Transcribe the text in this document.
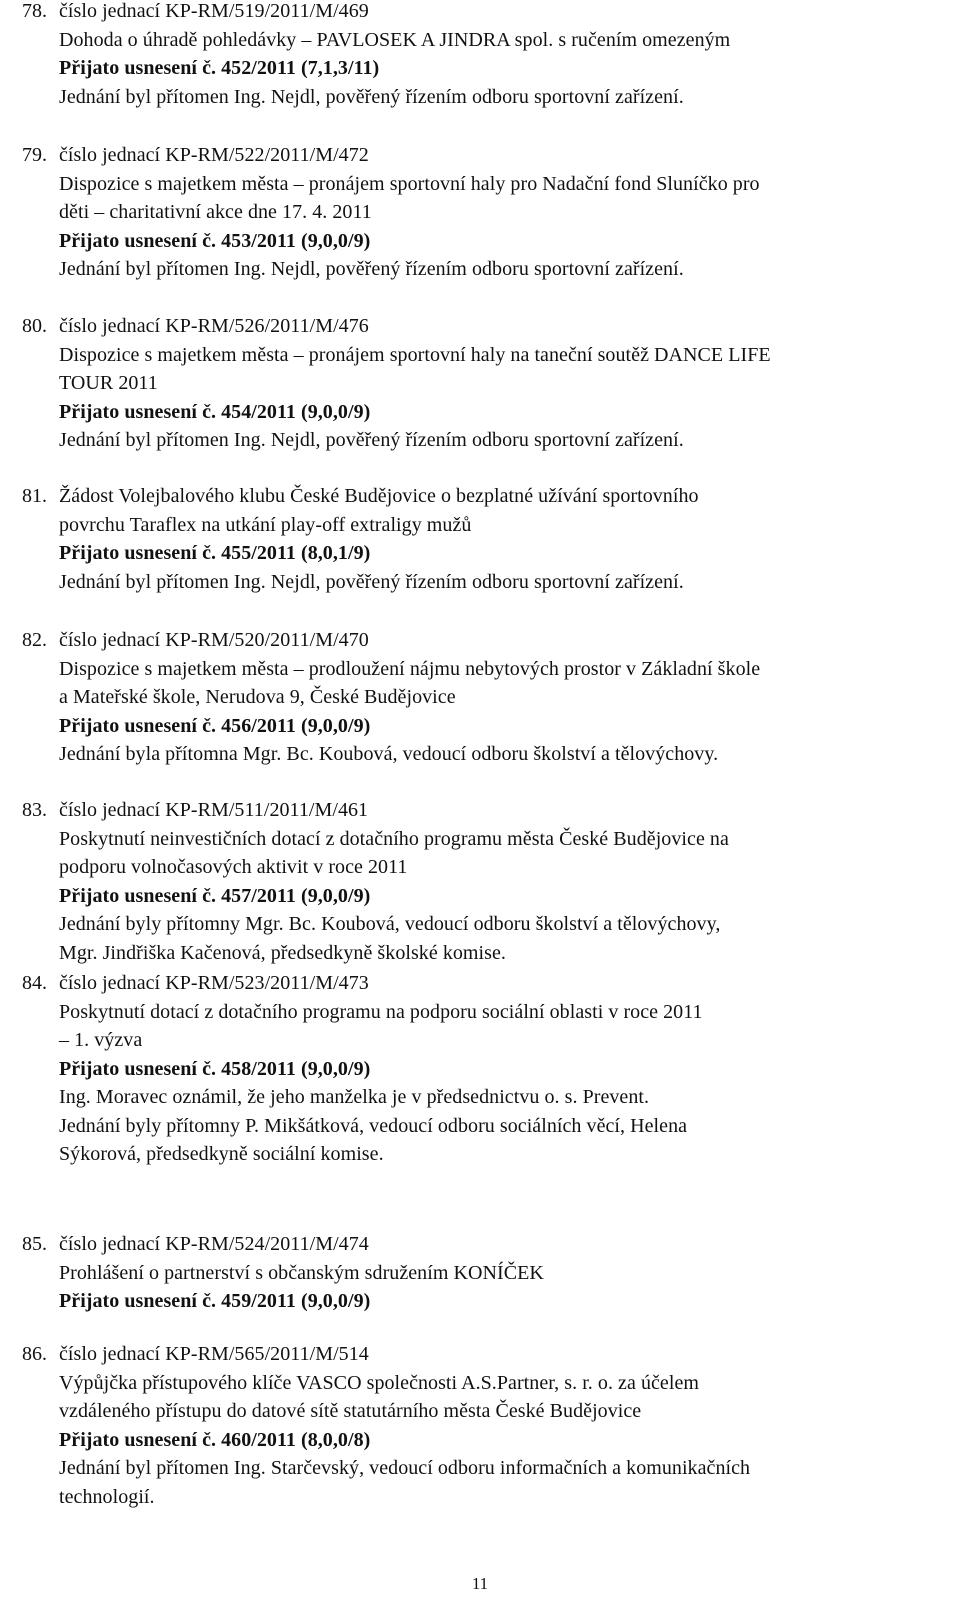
78. číslo jednací KP-RM/519/2011/M/469
Dohoda o úhradě pohledávky – PAVLOSEK A JINDRA spol. s ručením omezeným
Přijato usnesení č. 452/2011 (7,1,3/11)
Jednání byl přítomen Ing. Nejdl, pověřený řízením odboru sportovní zařízení.
79. číslo jednací KP-RM/522/2011/M/472
Dispozice s majetkem města – pronájem sportovní haly pro Nadační fond Sluníčko pro
děti – charitativní akce dne 17. 4. 2011
Přijato usnesení č. 453/2011 (9,0,0/9)
Jednání byl přítomen Ing. Nejdl, pověřený řízením odboru sportovní zařízení.
80. číslo jednací KP-RM/526/2011/M/476
Dispozice s majetkem města – pronájem sportovní haly na taneční soutěž DANCE LIFE
TOUR 2011
Přijato usnesení č. 454/2011 (9,0,0/9)
Jednání byl přítomen Ing. Nejdl, pověřený řízením odboru sportovní zařízení.
81. Žádost Volejbalového klubu České Budějovice o bezplatné užívání sportovního
povrchu Taraflex na utkání play-off extraligy mužů
Přijato usnesení č. 455/2011 (8,0,1/9)
Jednání byl přítomen Ing. Nejdl, pověřený řízením odboru sportovní zařízení.
82. číslo jednací KP-RM/520/2011/M/470
Dispozice s majetkem města – prodloužení nájmu nebytových prostor v Základní škole
a Mateřské škole, Nerudova 9, České Budějovice
Přijato usnesení č. 456/2011 (9,0,0/9)
Jednání byla přítomna Mgr. Bc. Koubová, vedoucí odboru školství a tělovýchovy.
83. číslo jednací KP-RM/511/2011/M/461
Poskytnutí neinvestičních dotací z dotačního programu města České Budějovice na
podporu volnočasových aktivit v roce 2011
Přijato usnesení č. 457/2011 (9,0,0/9)
Jednání byly přítomny Mgr. Bc. Koubová, vedoucí odboru školství a tělovýchovy,
Mgr. Jindřiška Kačenová, předsedkyně školské komise.
84. číslo jednací KP-RM/523/2011/M/473
Poskytnutí dotací z dotačního programu na podporu sociální oblasti v roce 2011
– 1. výzva
Přijato usnesení č. 458/2011 (9,0,0/9)
Ing. Moravec oznámil, že jeho manželka je v předsednictvu o. s. Prevent.
Jednání byly přítomny P. Mikšátková, vedoucí odboru sociálních věcí, Helena
Sýkorová, předsedkyně sociální komise.
85. číslo jednací KP-RM/524/2011/M/474
Prohlášení o partnerství s občanským sdružením KONÍČEK
Přijato usnesení č. 459/2011 (9,0,0/9)
86. číslo jednací KP-RM/565/2011/M/514
Výpůjčka přístupového klíče VASCO společnosti A.S.Partner, s. r. o. za účelem
vzdáleného přístupu do datové sítě statutárního města České Budějovice
Přijato usnesení č. 460/2011 (8,0,0/8)
Jednání byl přítomen Ing. Starčevský, vedoucí odboru informačních a komunikačních
technologií.
11
